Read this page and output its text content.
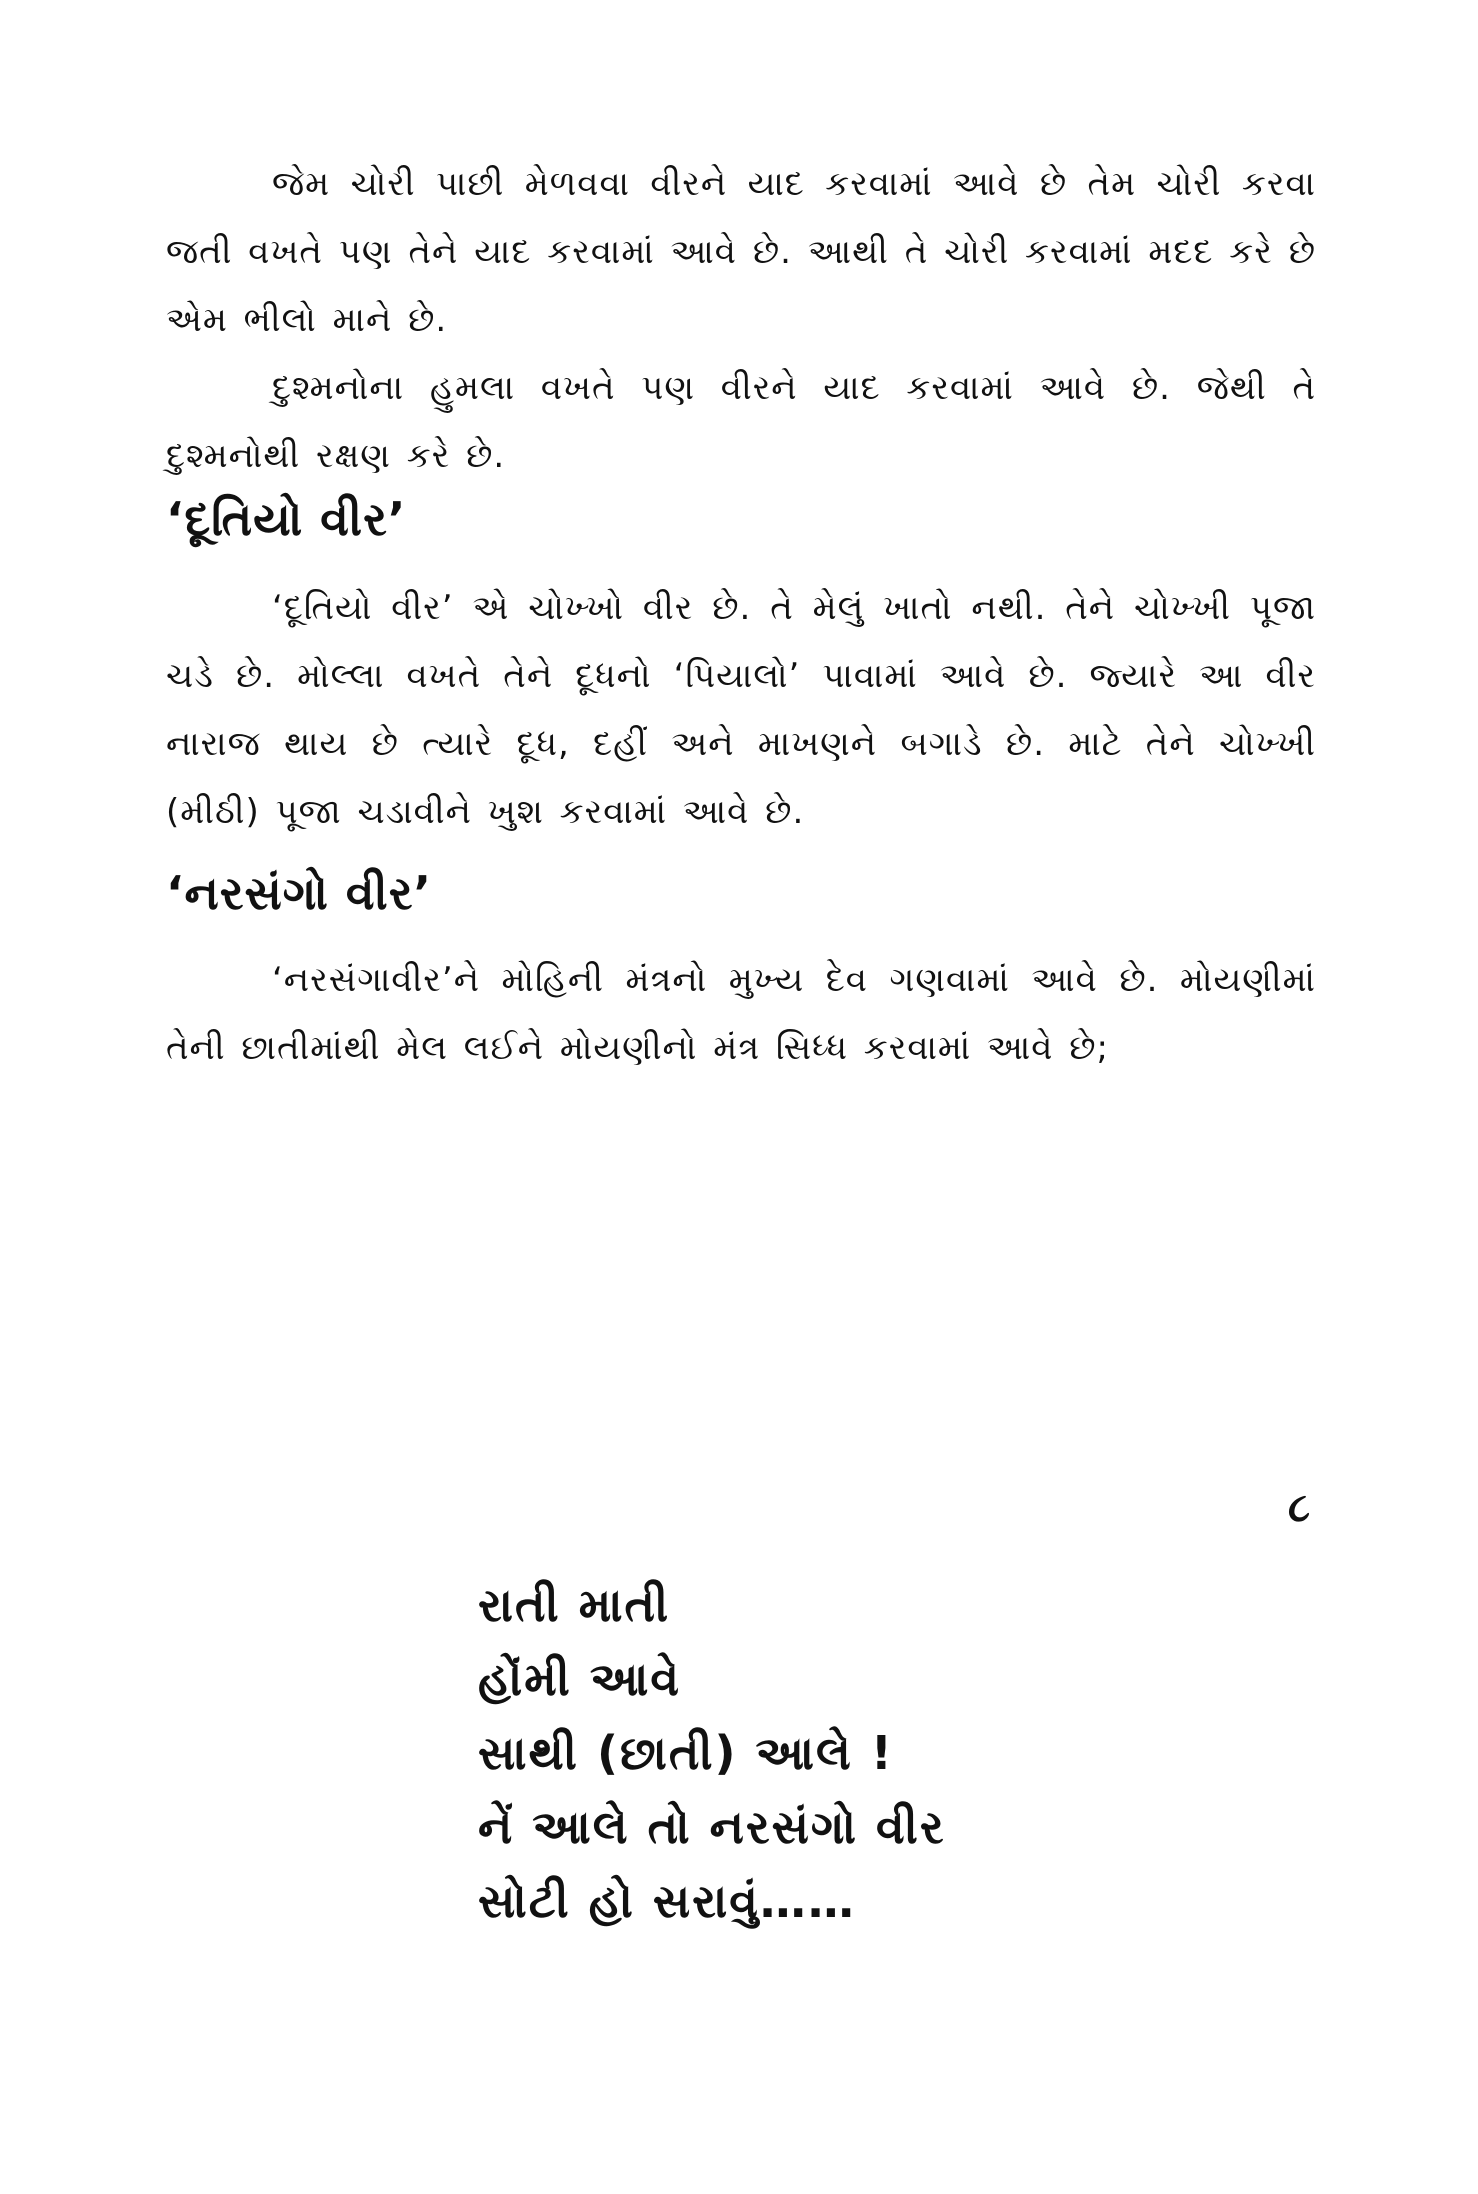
જેમ ચોરી પાછી મેળવવા વીરને યાદ કરવામાં આવે છે તેમ ચોરી કરવા જતી વખતે પણ તેને યાદ કરવામાં આવે છે. આથી તે ચોરી કરવામાં મદદ કરે છે એમ ભીલો માને છે.

દુશ્મનોના હુમલા વખતે પણ વીરને યાદ કરવામાં આવે છે. જેથી તે દુશ્મનોથી રક્ષણ કરે છે.

‘દૂતિયો વીર’

‘દૂતિયો વીર’ એ ચોખ્ખો વીર છે. તે મેલું ખાતો નથી. તેને ચોખ્ખી પૂજા ચડે છે. મોલ્લા વખતે તેને દૂધનો ‘પિયાલો’ પાવામાં આવે છે. જ્યારે આ વીર નારાજ થાય છે ત્યારે દૂધ, દહીં અને માખણને બગાડે છે. માટે તેને ચોખ્ખી (મીઠી) પૂજા ચડાવીને ખુશ કરવામાં આવે છે.

‘નરસંગો વીર’

‘નરસંગાવીર’ને મોહિની મંત્રનો મુખ્ય દેવ ગણવામાં આવે છે. મોયણીમાં તેની છાતીમાંથી મેલ લઈને મોયણીનો મંત્ર સિધ્ધ કરવામાં આવે છે;

રાતી માતી

હોંમી આવે

સાથી (છાતી) આલે !

નેં આલે તો નરસંગો વીર

સોટી હો સરાવું……

૮
